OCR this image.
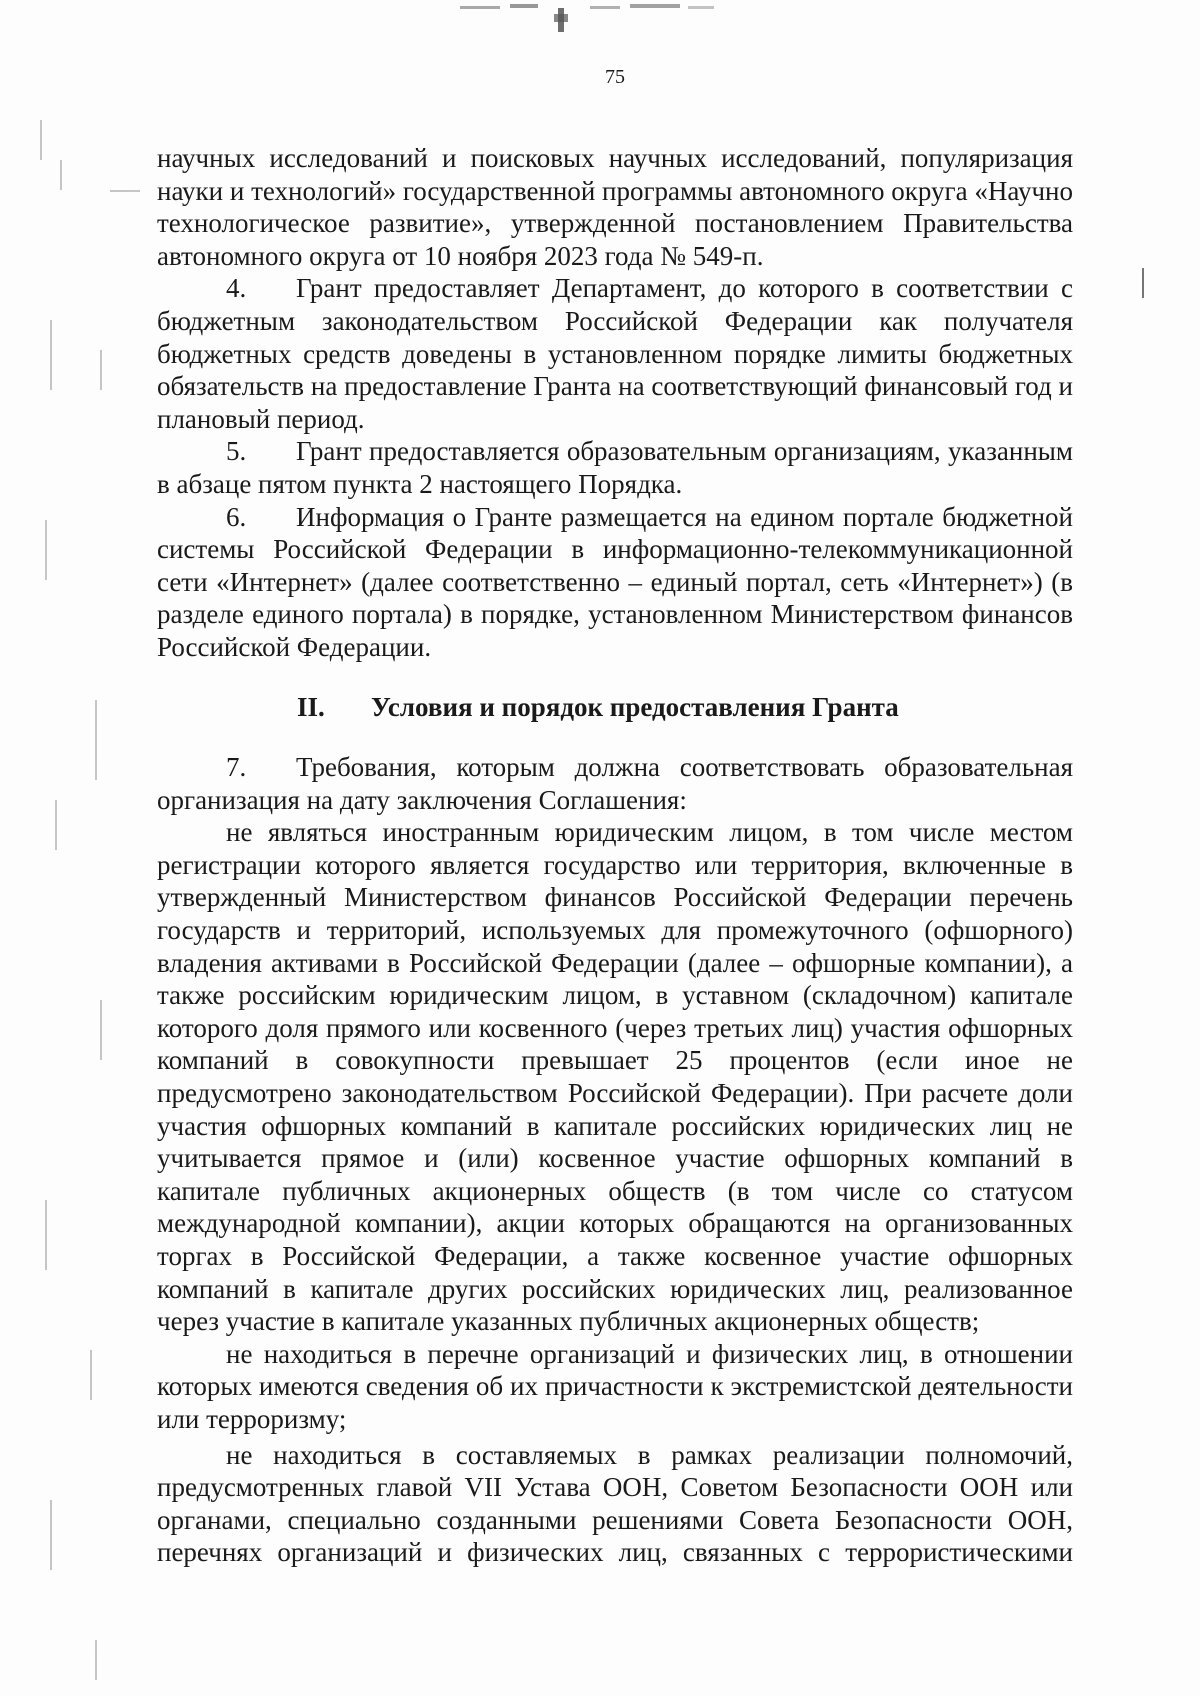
75

научных исследований и поисковых научных исследований, популяризация науки и технологий» государственной программы автономного округа «Научно технологическое развитие», утвержденной постановлением Правительства автономного округа от 10 ноября 2023 года № 549-п.

4. Грант предоставляет Департамент, до которого в соответствии с бюджетным законодательством Российской Федерации как получателя бюджетных средств доведены в установленном порядке лимиты бюджетных обязательств на предоставление Гранта на соответствующий финансовый год и плановый период.

5. Грант предоставляется образовательным организациям, указанным в абзаце пятом пункта 2 настоящего Порядка.

6. Информация о Гранте размещается на едином портале бюджетной системы Российской Федерации в информационно-телекоммуникационной сети «Интернет» (далее соответственно – единый портал, сеть «Интернет») (в разделе единого портала) в порядке, установленном Министерством финансов Российской Федерации.

II. Условия и порядок предоставления Гранта

7. Требования, которым должна соответствовать образовательная организация на дату заключения Соглашения:

не являться иностранным юридическим лицом, в том числе местом регистрации которого является государство или территория, включенные в утвержденный Министерством финансов Российской Федерации перечень государств и территорий, используемых для промежуточного (офшорного) владения активами в Российской Федерации (далее – офшорные компании), а также российским юридическим лицом, в уставном (складочном) капитале которого доля прямого или косвенного (через третьих лиц) участия офшорных компаний в совокупности превышает 25 процентов (если иное не предусмотрено законодательством Российской Федерации). При расчете доли участия офшорных компаний в капитале российских юридических лиц не учитывается прямое и (или) косвенное участие офшорных компаний в капитале публичных акционерных обществ (в том числе со статусом международной компании), акции которых обращаются на организованных торгах в Российской Федерации, а также косвенное участие офшорных компаний в капитале других российских юридических лиц, реализованное через участие в капитале указанных публичных акционерных обществ;

не находиться в перечне организаций и физических лиц, в отношении которых имеются сведения об их причастности к экстремистской деятельности или терроризму;

не находиться в составляемых в рамках реализации полномочий, предусмотренных главой VII Устава ООН, Советом Безопасности ООН или органами, специально созданными решениями Совета Безопасности ООН, перечнях организаций и физических лиц, связанных с террористическими
